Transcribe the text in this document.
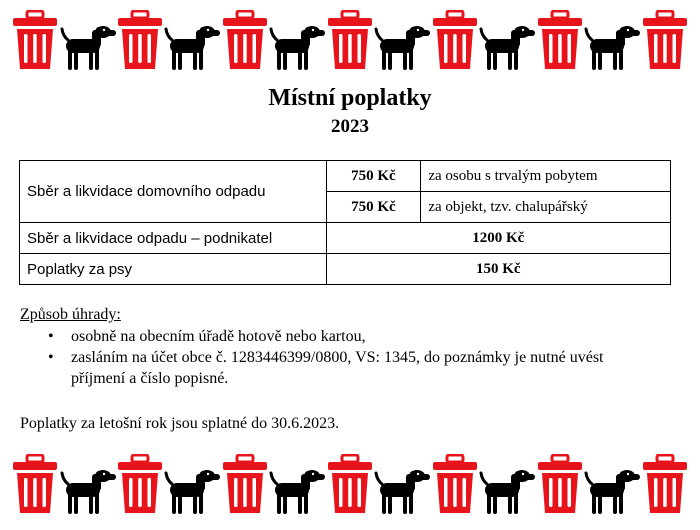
Místní poplatky
2023
Sběr a likvidace domovního odpadu	750 Kč	za osobu s trvalým pobytem
	750 Kč	za objekt, tzv. chalupářský
Sběr a likvidace odpadu – podnikatel	1200 Kč	
Poplatky za psy	150 Kč	
Způsob úhrady:
• osobně na obecním úřadě hotově nebo kartou,
• zasláním na účet obce č. 1283446399/0800, VS: 1345, do poznámky je nutné uvést příjmení a číslo popisné.
Poplatky za letošní rok jsou splatné do 30.6.2023.
